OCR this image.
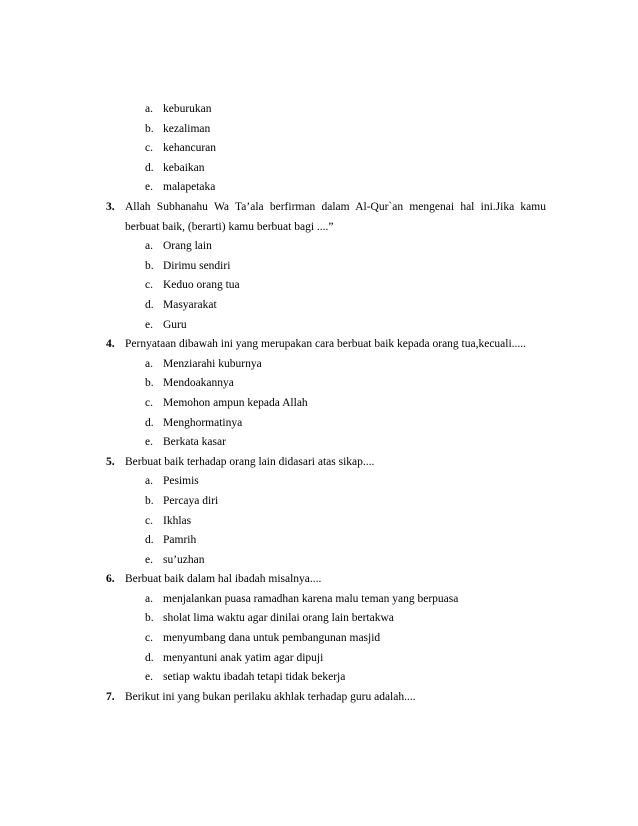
a. keburukan
b. kezaliman
c. kehancuran
d. kebaikan
e. malapetaka
3. Allah Subhanahu Wa Ta’ala berfirman dalam Al-Qur`an mengenai hal ini.Jika kamu
berbuat baik, (berarti) kamu berbuat bagi ....”
a. Orang lain
b. Dirimu sendiri
c. Keduo orang tua
d. Masyarakat
e. Guru
4. Pernyataan dibawah ini yang merupakan cara berbuat baik kepada orang tua,kecuali.....
a. Menziarahi kuburnya
b. Mendoakannya
c. Memohon ampun kepada Allah
d. Menghormatinya
e. Berkata kasar
5. Berbuat baik terhadap orang lain didasari atas sikap....
a. Pesimis
b. Percaya diri
c. Ikhlas
d. Pamrih
e. su’uzhan
6. Berbuat baik dalam hal ibadah misalnya....
a. menjalankan puasa ramadhan karena malu teman yang berpuasa
b. sholat lima waktu agar dinilai orang lain bertakwa
c. menyumbang dana untuk pembangunan masjid
d. menyantuni anak yatim agar dipuji
e. setiap waktu ibadah tetapi tidak bekerja
7. Berikut ini yang bukan perilaku akhlak terhadap guru adalah....
